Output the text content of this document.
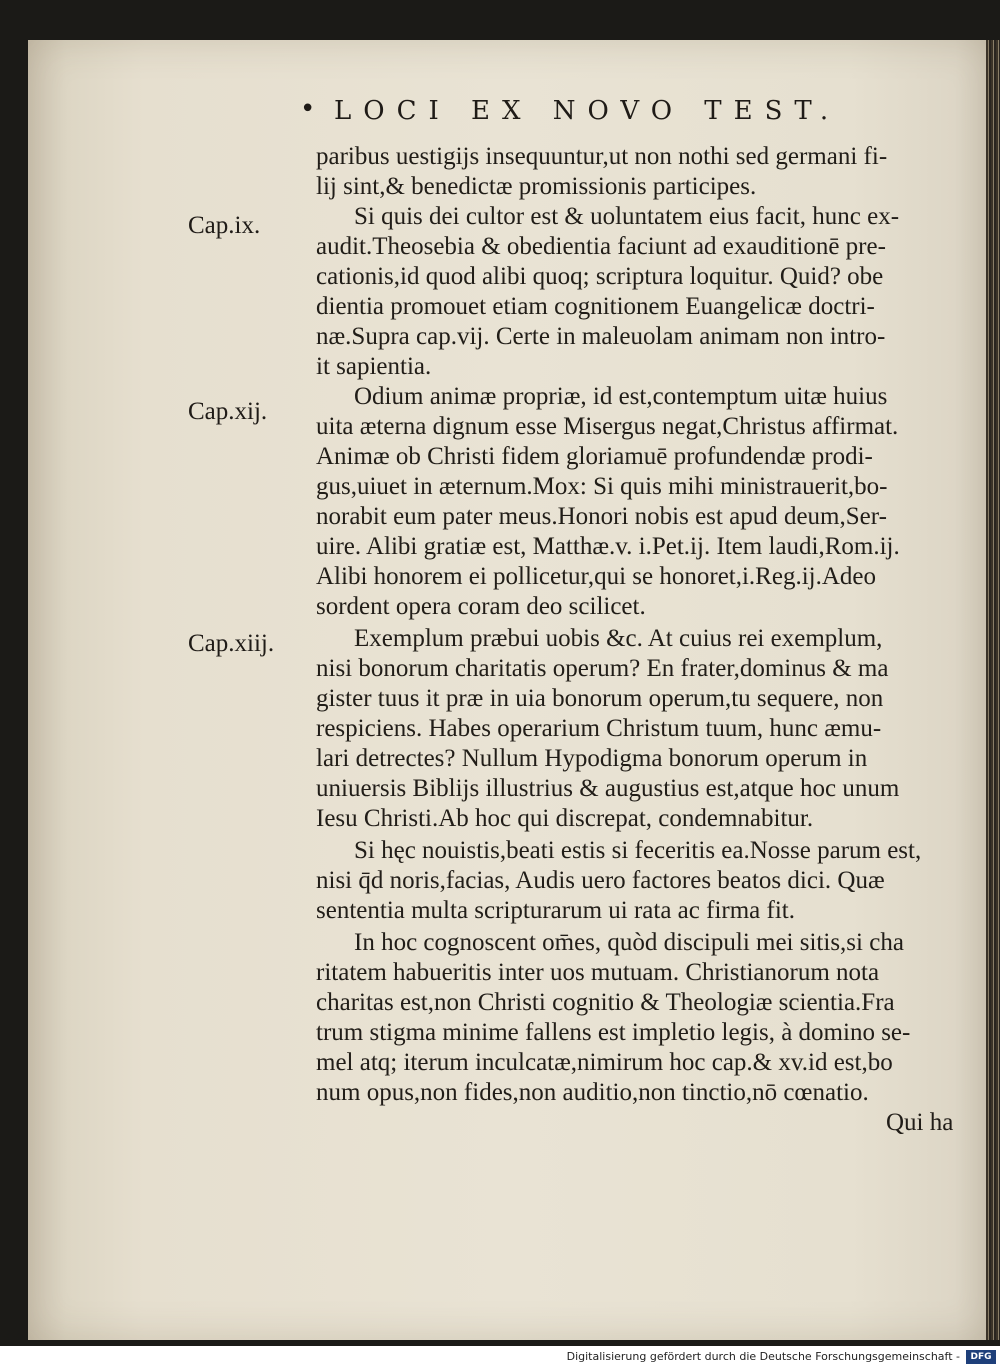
• LOCI EX NOVO TEST.
Cap.ix.
Cap.xij.
Cap.xiij.
paribus uestigijs insequuntur,ut non nothi sed germani fi-
lij sint,& benedictæ promissionis participes.
Si quis dei cultor est & uoluntatem eius facit, hunc ex-
audit.Theosebia & obedientia faciunt ad exauditionē pre-
cationis,id quod alibi quoq; scriptura loquitur. Quid? obe
dientia promouet etiam cognitionem Euangelicæ doctri-
næ.Supra cap.vij. Certe in maleuolam animam non intro-
it sapientia.
Odium animæ propriæ, id est,contemptum uitæ huius
uita æterna dignum esse Misergus negat,Christus affirmat.
Animæ ob Christi fidem gloriamuē profundendæ prodi-
gus,uiuet in æternum.Mox: Si quis mihi ministrauerit,bo-
norabit eum pater meus.Honori nobis est apud deum,Ser-
uire. Alibi gratiæ est, Matthæ.v. i.Pet.ij. Item laudi,Rom.ij.
Alibi honorem ei pollicetur,qui se honoret,i.Reg.ij.Adeo
sordent opera coram deo scilicet.
Exemplum præbui uobis &c. At cuius rei exemplum,
nisi bonorum charitatis operum? En frater,dominus & ma
gister tuus it præ in uia bonorum operum,tu sequere, non
respiciens. Habes operarium Christum tuum, hunc æmu-
lari detrectes? Nullum Hypodigma bonorum operum in
uniuersis Biblijs illustrius & augustius est,atque hoc unum
Iesu Christi.Ab hoc qui discrepat, condemnabitur.
Si hęc nouistis,beati estis si feceritis ea.Nosse parum est,
nisi q̄d noris,facias, Audis uero factores beatos dici. Quæ
sententia multa scripturarum ui rata ac firma fit.
In hoc cognoscent om̄es, quòd discipuli mei sitis,si cha
ritatem habueritis inter uos mutuam. Christianorum nota
charitas est,non Christi cognitio & Theologiæ scientia.Fra
trum stigma minime fallens est impletio legis, à domino se-
mel atq; iterum inculcatæ,nimirum hoc cap.& xv.id est,bo
num opus,non fides,non auditio,non tinctio,nō cœnatio.
Qui ha
Digitalisierung gefördert durch die Deutsche Forschungsgemeinschaft -	DFG
